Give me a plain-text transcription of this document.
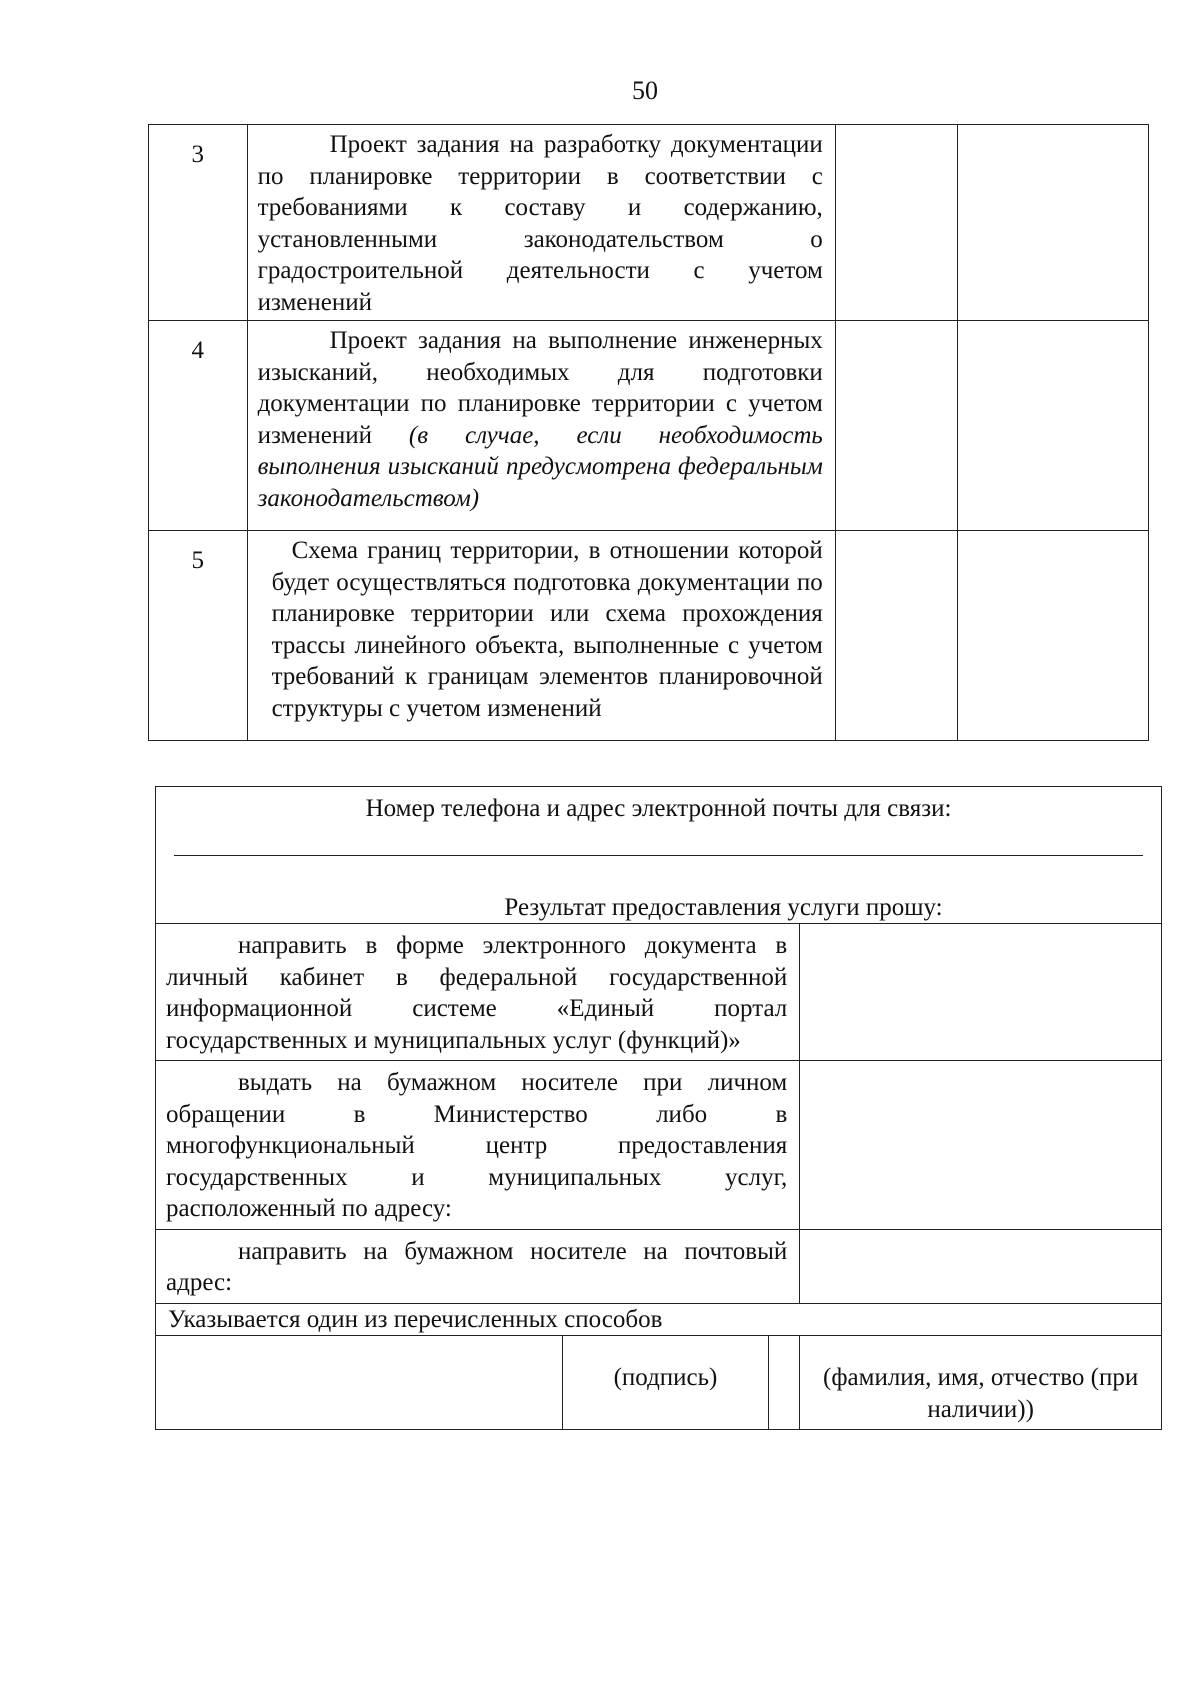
50
3	Проект задания на разработку документации по планировке территории в соответствии с требованиями к составу и содержанию, установленными законодательством о градостроительной деятельности с учетом изменений		

4	Проект задания на выполнение инженерных изысканий, необходимых для подготовки документации по планировке территории с учетом изменений (в случае, если необходимость выполнения изысканий предусмотрена федеральным законодательством)		

5	Схема границ территории, в отношении которой будет осуществляться подготовка документации по планировке территории или схема прохождения трассы линейного объекта, выполненные с учетом требований к границам элементов планировочной структуры с учетом изменений		

Номер телефона и адрес электронной почты для связи:
Результат предоставления услуги прошу:			

направить в форме электронного документа в личный кабинет в федеральной государственной информационной системе «Единый портал государственных и муниципальных услуг (функций)»			
выдать на бумажном носителе при личном обращении в Министерство либо в многофункциональный центр предоставления государственных и муниципальных услуг, расположенный по адресу:			
направить на бумажном носителе на почтовый адрес:			
Указывается один из перечисленных способов			

	(подпись)		(фамилия, имя, отчество (при наличии))
